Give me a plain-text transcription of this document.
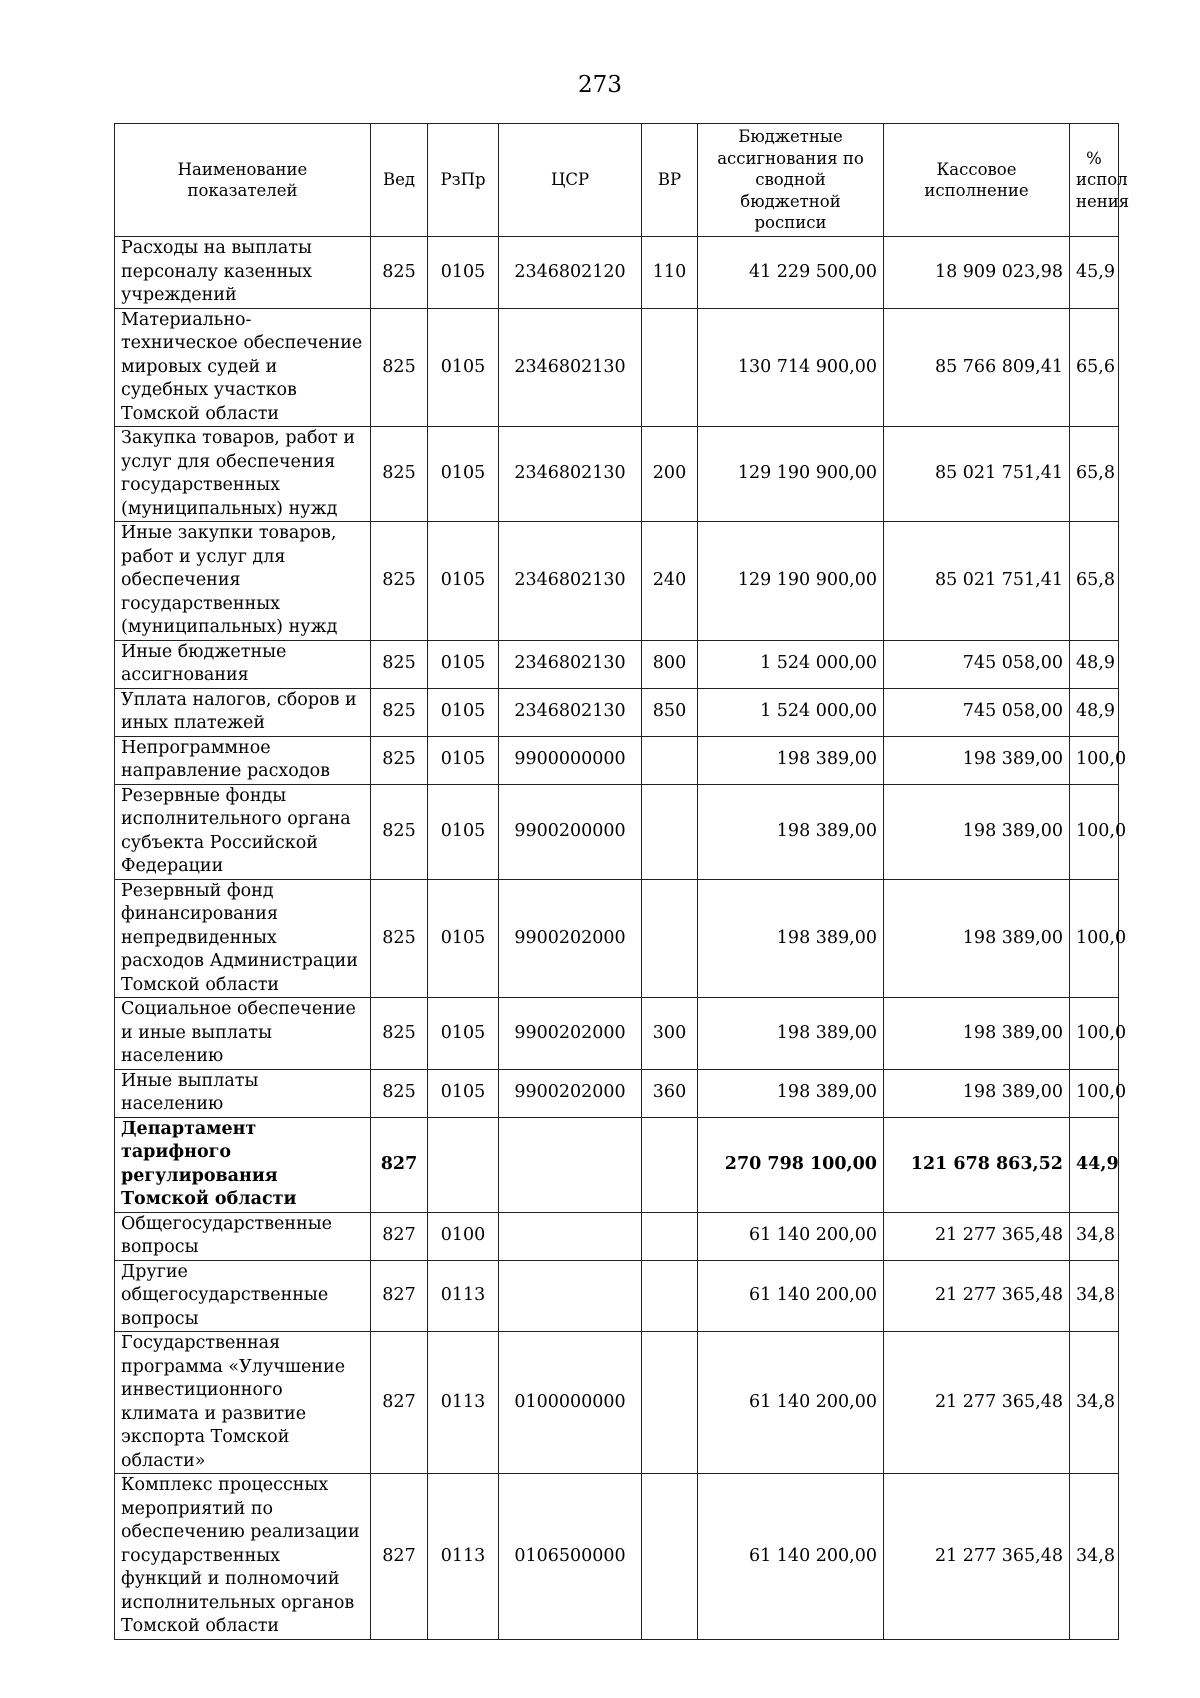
273
Наименование показателей	Вед	РзПр	ЦСР	ВР	Бюджетные ассигнования по сводной бюджетной росписи	Кассовое исполнение	% испол нения
Расходы на выплаты персоналу казенных учреждений	825	0105	2346802120	110	41 229 500,00	18 909 023,98	45,9
Материально-техническое обеспечение мировых судей и судебных участков Томской области	825	0105	2346802130		130 714 900,00	85 766 809,41	65,6
Закупка товаров, работ и услуг для обеспечения государственных (муниципальных) нужд	825	0105	2346802130	200	129 190 900,00	85 021 751,41	65,8
Иные закупки товаров, работ и услуг для обеспечения государственных (муниципальных) нужд	825	0105	2346802130	240	129 190 900,00	85 021 751,41	65,8
Иные бюджетные ассигнования	825	0105	2346802130	800	1 524 000,00	745 058,00	48,9
Уплата налогов, сборов и иных платежей	825	0105	2346802130	850	1 524 000,00	745 058,00	48,9
Непрограммное направление расходов	825	0105	9900000000		198 389,00	198 389,00	100,0
Резервные фонды исполнительного органа субъекта Российской Федерации	825	0105	9900200000		198 389,00	198 389,00	100,0
Резервный фонд финансирования непредвиденных расходов Администрации Томской области	825	0105	9900202000		198 389,00	198 389,00	100,0
Социальное обеспечение и иные выплаты населению	825	0105	9900202000	300	198 389,00	198 389,00	100,0
Иные выплаты населению	825	0105	9900202000	360	198 389,00	198 389,00	100,0
Департамент тарифного регулирования Томской области	827				270 798 100,00	121 678 863,52	44,9
Общегосударственные вопросы	827	0100			61 140 200,00	21 277 365,48	34,8
Другие общегосударственные вопросы	827	0113			61 140 200,00	21 277 365,48	34,8
Государственная программа «Улучшение инвестиционного климата и развитие экспорта Томской области»	827	0113	0100000000		61 140 200,00	21 277 365,48	34,8
Комплекс процессных мероприятий по обеспечению реализации государственных функций и полномочий исполнительных органов Томской области	827	0113	0106500000		61 140 200,00	21 277 365,48	34,8
